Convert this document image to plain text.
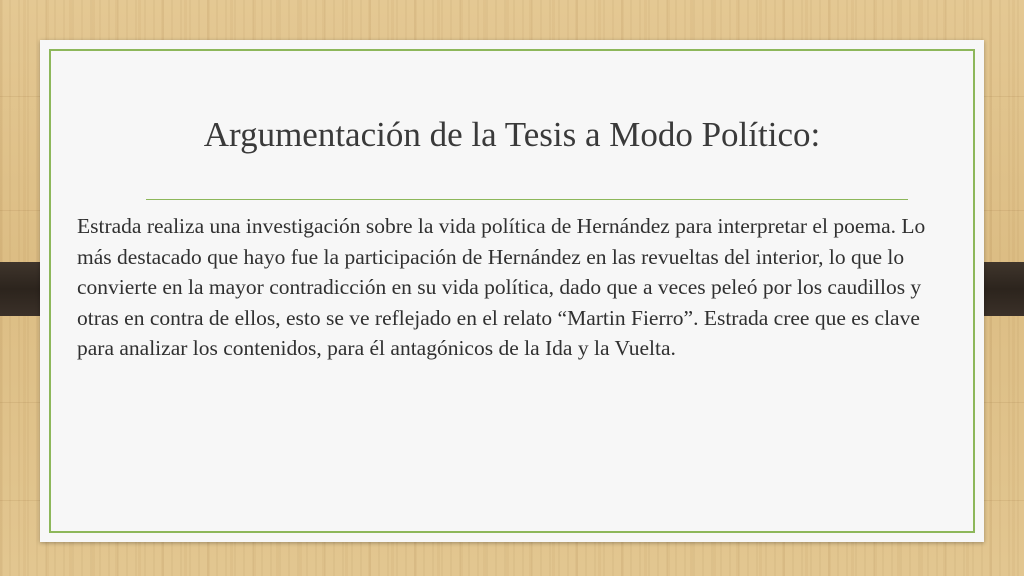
Argumentación de la Tesis a Modo Político:

Estrada realiza una investigación sobre la vida política de Hernández para interpretar el poema. Lo más destacado que hayo fue la participación de Hernández en las revueltas del interior, lo que lo convierte en la mayor contradicción en su vida política, dado que a veces peleó por los caudillos y otras en contra de ellos, esto se ve reflejado en el relato “Martin Fierro”. Estrada cree que es clave para analizar los contenidos, para él antagónicos de la Ida y la Vuelta.
